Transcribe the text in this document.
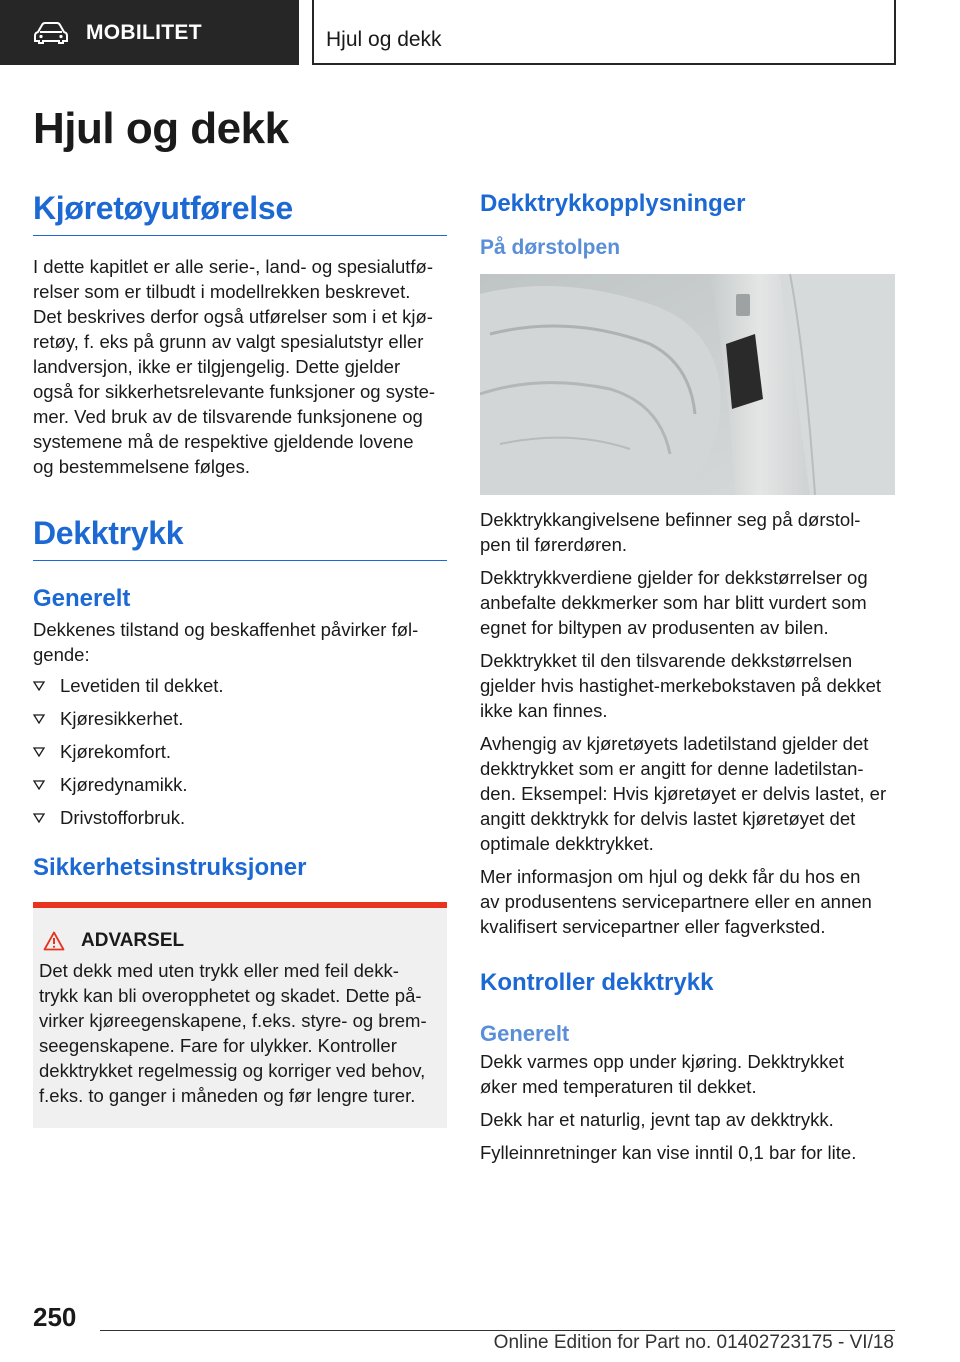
MOBILITET	Hjul og dekk
Hjul og dekk
Kjøretøyutførelse

I dette kapitlet er alle serie-, land- og spesialutfø-
relser som er tilbudt i modellrekken beskrevet.
Det beskrives derfor også utførelser som i et kjø-
retøy, f. eks på grunn av valgt spesialutstyr eller
landversjon, ikke er tilgjengelig. Dette gjelder
også for sikkerhetsrelevante funksjoner og syste-
mer. Ved bruk av de tilsvarende funksjonene og
systemene må de respektive gjeldende lovene
og bestemmelsene følges.

Dekktrykk
Generelt

Dekkenes tilstand og beskaffenhet påvirker føl-
gende:

Levetiden til dekket.
Kjøresikkerhet.
Kjørekomfort.
Kjøredynamikk.
Drivstofforbruk.
Sikkerhetsinstruksjoner
ADVARSEL

Det dekk med uten trykk eller med feil dekk-
trykk kan bli overopphetet og skadet. Dette på-
virker kjøreegenskapene, f.eks. styre- og brem-
seegenskapene. Fare for ulykker. Kontroller
dekktrykket regelmessig og korriger ved behov,
f.eks. to ganger i måneden og før lengre turer.

Dekktrykkopplysninger
På dørstolpen

Dekktrykkangivelsene befinner seg på dørstol-
pen til førerdøren.

Dekktrykkverdiene gjelder for dekkstørrelser og
anbefalte dekkmerker som har blitt vurdert som
egnet for biltypen av produsenten av bilen.

Dekktrykket til den tilsvarende dekkstørrelsen
gjelder hvis hastighet-merkebokstaven på dekket
ikke kan finnes.

Avhengig av kjøretøyets ladetilstand gjelder det
dekktrykket som er angitt for denne ladetilstan-
den. Eksempel: Hvis kjøretøyet er delvis lastet, er
angitt dekktrykk for delvis lastet kjøretøyet det
optimale dekktrykket.

Mer informasjon om hjul og dekk får du hos en
av produsentens servicepartnere eller en annen
kvalifisert servicepartner eller fagverksted.

Kontroller dekktrykk
Generelt

Dekk varmes opp under kjøring. Dekktrykket
øker med temperaturen til dekket.

Dekk har et naturlig, jevnt tap av dekktrykk.

Fylleinnretninger kan vise inntil 0,1 bar for lite.

250
Online Edition for Part no. 01402723175 - VI/18
